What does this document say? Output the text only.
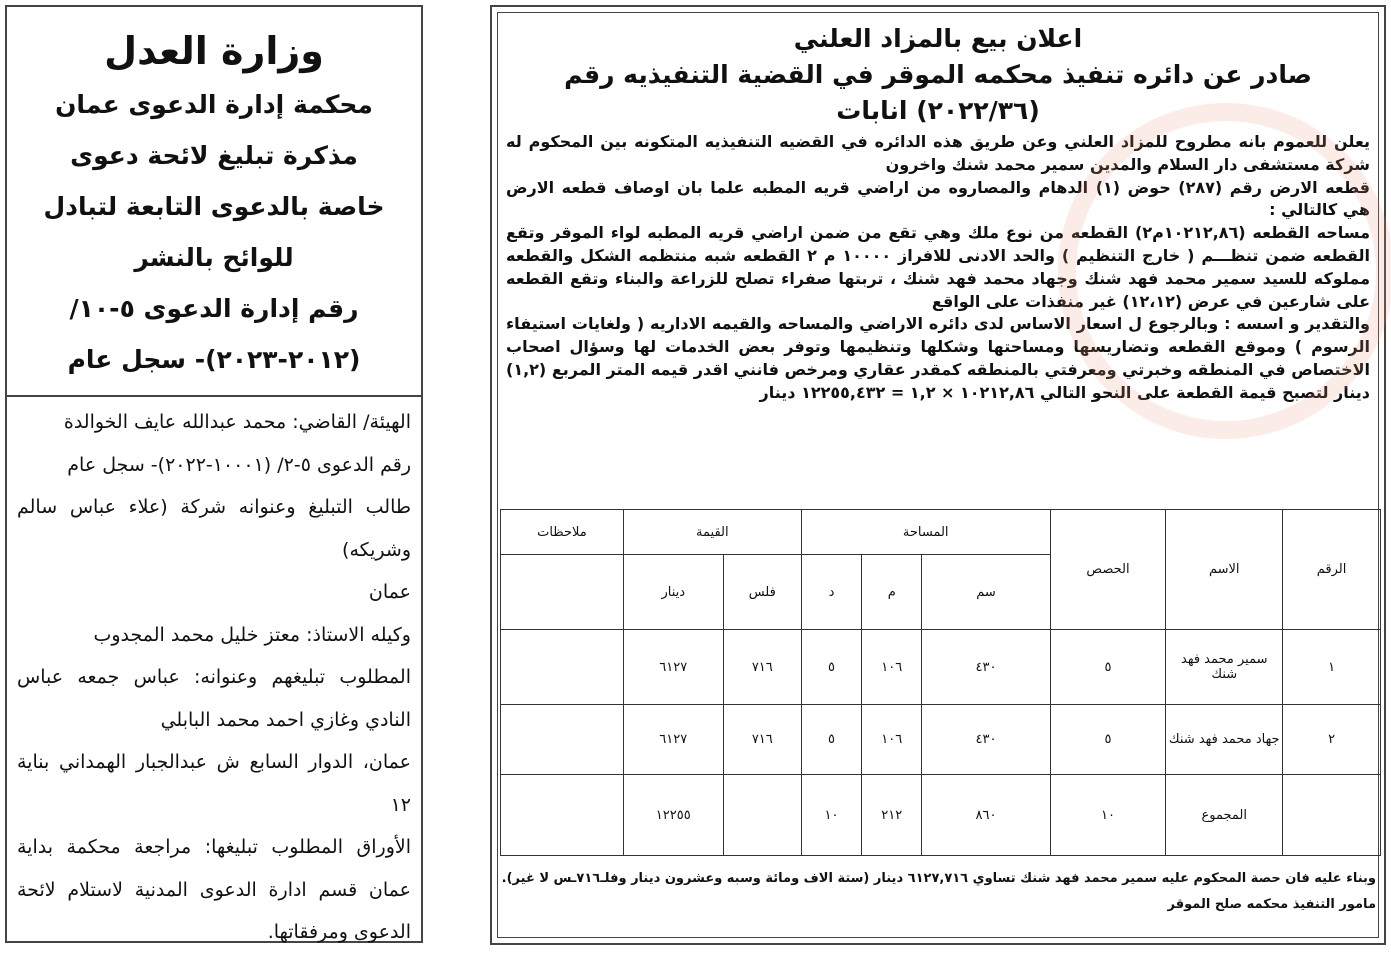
وزارة العدل

محكمة إدارة الدعوى عمان

مذكرة تبليغ لائحة دعوى

خاصة بالدعوى التابعة لتبادل

للوائح بالنشر

رقم إدارة الدعوى ٥-١٠/

(٢٠١٢-٢٠٢٣)- سجل عام

الهيئة/ القاضي: محمد عبدالله عايف الخوالدة

رقم الدعوى ٥-٢/ (١٠٠٠١-٢٠٢٢)- سجل عام

طالب التبليغ وعنوانه شركة (علاء عباس سالم وشريكه)

عمان

وكيله الاستاذ: معتز خليل محمد المجدوب

المطلوب تبليغهم وعنوانه: عباس جمعه عباس النادي وغازي احمد محمد البابلي

عمان، الدوار السابع ش عبدالجبار الهمداني بناية ١٢

الأوراق المطلوب تبليغها: مراجعة محكمة بداية عمان قسم ادارة الدعوى المدنية لاستلام لائحة الدعوى ومرفقاتها.

اعلان بيع بالمزاد العلني
صادر عن دائره تنفيذ محكمه الموقر في القضية التنفيذيه رقم
(٢٠٢٢/٣٦) انابات
يعلن للعموم بانه مطروح للمزاد العلني وعن طريق هذه الدائره في القضيه التنفيذيه المتكونه بين المحكوم له شركة مستشفى دار السلام والمدين سمير محمد شنك واخرون
قطعه الارض رقم (٢٨٧) حوض (١) الدهام والمصاروه من اراضي قريه المطبه علما بان اوصاف قطعه الارض هي كالتالي :
مساحه القطعه (١٠٢١٢,٨٦م٢) القطعه من نوع ملك وهي تقع من ضمن اراضي قريه المطبه لواء الموقر وتقع القطعه ضمن تنظـــم ( خارج التنظيم ) والحد الادنى للافراز ١٠٠٠٠ م ٢ القطعه شبه منتظمه الشكل والقطعه مملوكه للسيد سمير محمد فهد شنك وجهاد محمد فهد شنك ، تربتها صفراء تصلح للزراعة والبناء وتقع القطعه على شارعين في عرض (١٢،١٢) غير منفذات على الواقع
والتقدير و اسسه : وبالرجوع ل اسعار الاساس لدى دائره الاراضي والمساحه والقيمه الاداريه ( ولغايات استيفاء الرسوم ) وموقع القطعه وتضاريسها ومساحتها وشكلها وتنظيمها وتوفر بعض الخدمات لها وسؤال اصحاب الاختصاص في المنطقه وخبرتي ومعرفتي بالمنطقه كمقدر عقاري ومرخص فانني اقدر قيمه المتر المربع (١,٢) دينار لتصبح قيمة القطعة على النحو التالي ١٠٢١٢,٨٦ × ١,٢ = ١٢٢٥٥,٤٣٢ دينار
الرقم	الاسم	الحصص	المساحة			القيمة		ملاحظات
			سم	م	د	فلس	دينار	
١	سمير محمد فهد شنك	٥	٤٣٠	١٠٦	٥	٧١٦	٦١٢٧	
٢	جهاد محمد فهد شنك	٥	٤٣٠	١٠٦	٥	٧١٦	٦١٢٧	
	المجموع	١٠	٨٦٠	٢١٢	١٠		١٢٢٥٥	
وبناء عليه فان حصة المحكوم عليه سمير محمد فهد شنك تساوي ٦١٢٧,٧١٦ دينار (ستة الاف ومائة وسبه وعشرون دينار وفلـ٧١٦ـس لا غير).
مامور التنفيذ محكمه صلح الموقر
